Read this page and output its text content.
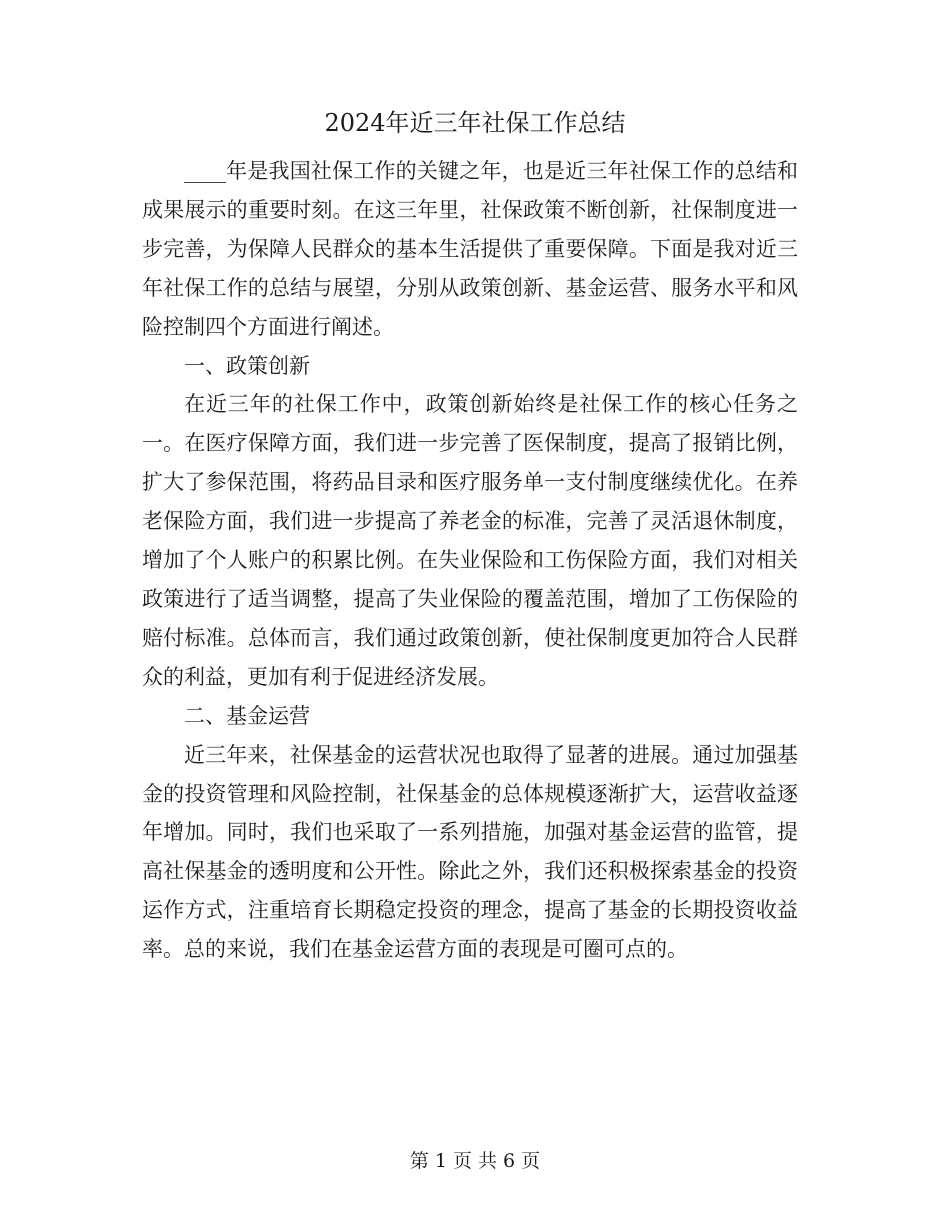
2024年近三年社保工作总结

____年是我国社保工作的关键之年，也是近三年社保工作的总结和成果展示的重要时刻。在这三年里，社保政策不断创新，社保制度进一步完善，为保障人民群众的基本生活提供了重要保障。下面是我对近三年社保工作的总结与展望，分别从政策创新、基金运营、服务水平和风险控制四个方面进行阐述。

一、政策创新

在近三年的社保工作中，政策创新始终是社保工作的核心任务之一。在医疗保障方面，我们进一步完善了医保制度，提高了报销比例，扩大了参保范围，将药品目录和医疗服务单一支付制度继续优化。在养老保险方面，我们进一步提高了养老金的标准，完善了灵活退休制度，增加了个人账户的积累比例。在失业保险和工伤保险方面，我们对相关政策进行了适当调整，提高了失业保险的覆盖范围，增加了工伤保险的赔付标准。总体而言，我们通过政策创新，使社保制度更加符合人民群众的利益，更加有利于促进经济发展。

二、基金运营

近三年来，社保基金的运营状况也取得了显著的进展。通过加强基金的投资管理和风险控制，社保基金的总体规模逐渐扩大，运营收益逐年增加。同时，我们也采取了一系列措施，加强对基金运营的监管，提高社保基金的透明度和公开性。除此之外，我们还积极探索基金的投资运作方式，注重培育长期稳定投资的理念，提高了基金的长期投资收益率。总的来说，我们在基金运营方面的表现是可圈可点的。

第 1 页 共 6 页
